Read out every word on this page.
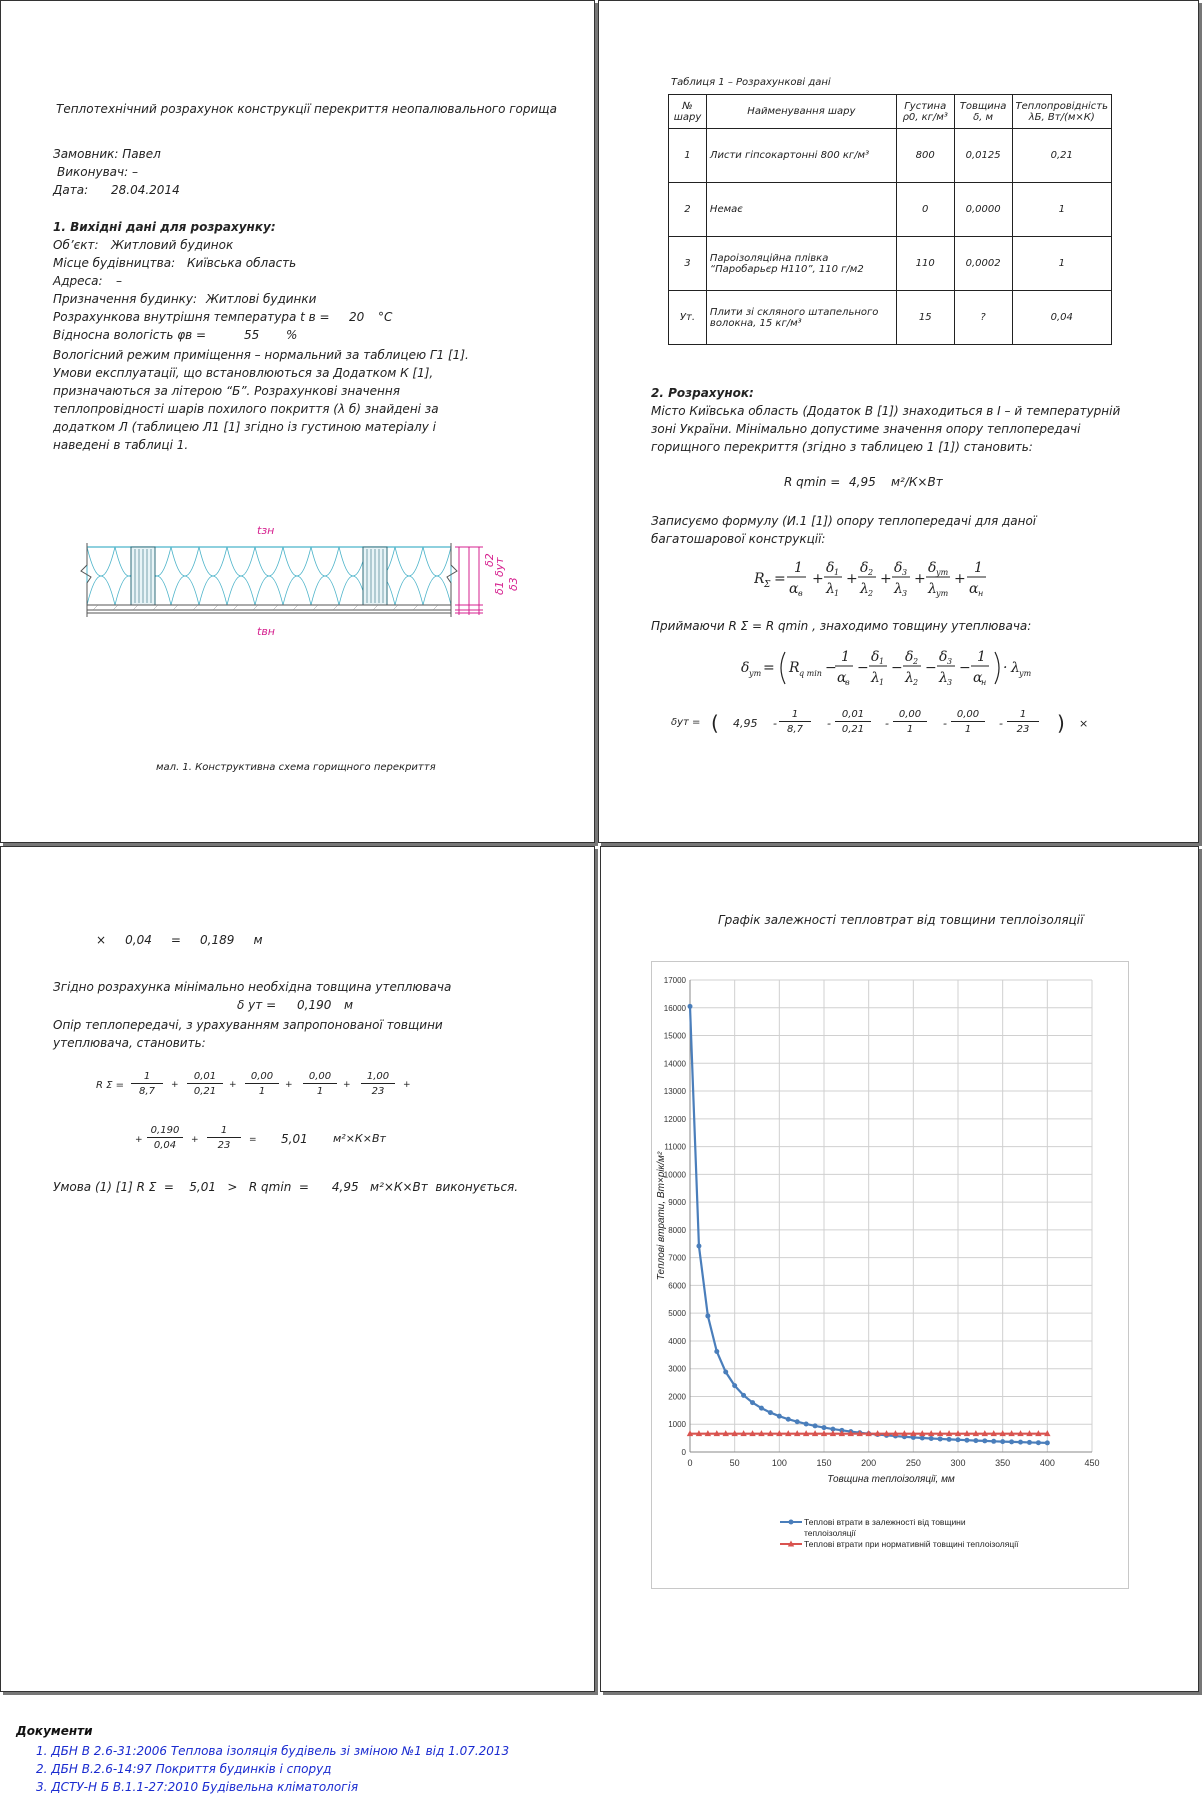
Теплотехнічний розрахунок конструкції перекриття неопалювального горища
Замовник: Павел
Виконувач: –
Дата: 28.04.2014
1. Вихідні дані для розрахунку:
Об’єкт: Житловий будинок
Місце будівництва: Київська область
Адреса: –
Призначення будинку: Житлові будинки
Розрахункова внутрішня температура t в = 20 °С
Відносна вологість φв =	55 %
Вологісний режим приміщення – нормальний за таблицею Г1 [1]. Умови експлуатації, що встановлюються за Додатком К [1], призначаються за літерою “Б”. Розрахункові значення теплопровідності шарів похилого покриття (λ б) знайдені за додатком Л (таблицею Л1 [1] згідно із густиною матеріалу і наведені в таблиці 1.
tзн
tвн
δ2
δ1
δут
δ3
мал. 1. Конструктивна схема горищного перекриття
Таблиця 1 – Розрахункові дані
№ шару	Найменування шару	Густина ρ0, кг/м³	Товщина δ, м	Теплопровідність λБ, Вт/(м×К)
1	Листи гіпсокартонні 800 кг/м³	800	0,0125	0,21
2	Немає	0	0,0000	1
3	Пароізоляційна плівка “Паробарьєр Н110”, 110 г/м2	110	0,0002	1
Ут.	Плити зі скляного штапельного волокна, 15 кг/м³	15	?	0,04
2. Розрахунок:
Місто Київська область (Додаток В [1]) знаходиться в І – й температурній зоні України. Мінімально допустиме значення опору теплопередачі горищного перекриття (згідно з таблицею 1 [1]) становить:
R qmin = 4,95 м²/К×Вт
Записуємо формулу (И.1 [1]) опору теплопередачі для даної багатошарової конструкції:
R Σ =
1
α в
+
δ 1
λ 1
+
δ 2
λ 2
+
δ 3
λ 3
+
δ ут
λ ут
+
1
α н
Приймаючи R Σ = R qmin , знаходимо товщину утеплювача:
δ ут = R q min −
1
α
в
−
δ 1
λ 1
−
δ 2
λ 2
−
δ 3
λ 3
−
1
α
н
· λ ут
δут = ( $4,95 - \frac{1}{8,7} - \frac{0,01}{0,21} - \frac{0,00}{1} - \frac{0,00}{1} - \frac{1}{23}$ ) ×
×     0,04     =     0,189     м
Згідно розрахунка мінімально необхідна товщина утеплювача
δ ут = 0,190 м
Опір теплопередачі, з урахуванням запропонованої товщини утеплювача, становить:
R $\Sigma = \frac{1}{8,7} + \frac{0,01}{0,21} + \frac{0,00}{1} + \frac{0,00}{1} + \frac{1,00}{23}$ +
+ $\frac{0,190}{0,04} + \frac{1}{23} = 5,01$ м²×К×Вт
Умова (1) [1] R Σ  =    5,01   >   R qmin  =      4,95   м²×К×Вт  виконується.
Графік залежності тепловтрат від товщини теплоізоляції
0
1000
2000
3000
4000
5000
6000
7000
8000
9000
10000
11000
12000
13000
14000
15000
16000
17000
0	50	100	150	200	250	300	350	400	450
Товщина теплоізоляції, мм
Теплові втрати, Вт×рік/м²
Теплові втрати в залежності від товщини теплоізоляції
Теплові втрати при нормативній товщині теплоізоляції
Документи
1. ДБН В 2.6-31:2006 Теплова ізоляція будівель зі зміною №1 від 1.07.2013
2. ДБН В.2.6-14:97 Покриття будинків і споруд
3. ДСТУ-Н Б В.1.1-27:2010 Будівельна кліматологія
